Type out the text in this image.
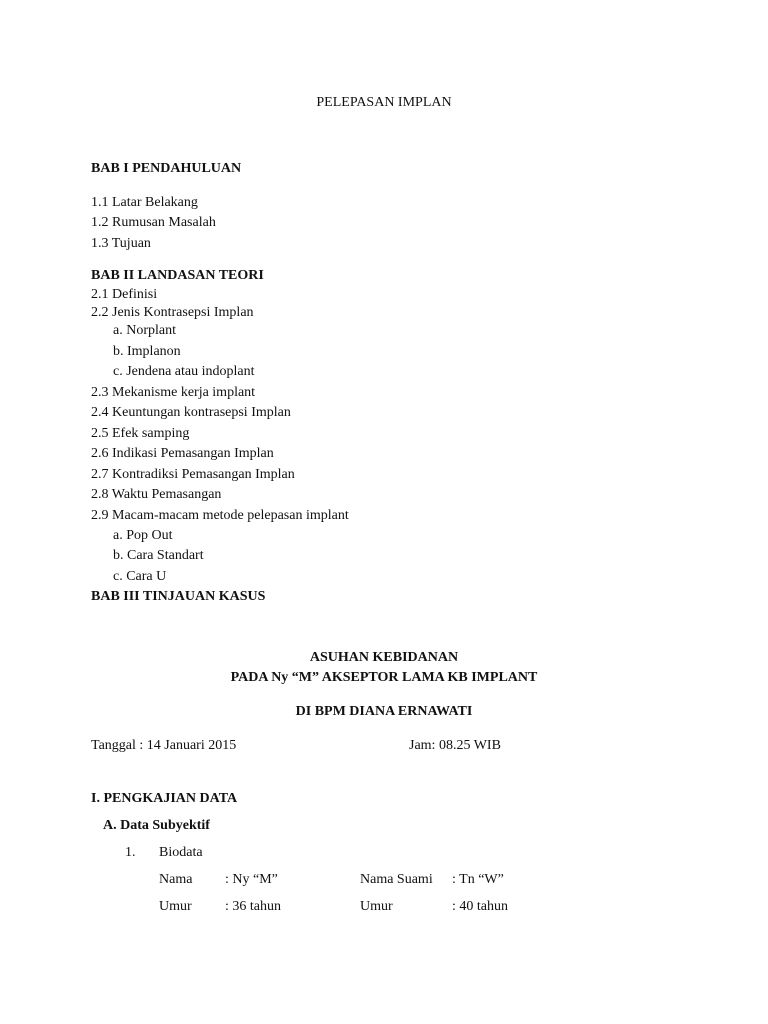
PELEPASAN IMPLAN
BAB I PENDAHULUAN
1.1 Latar Belakang
1.2 Rumusan Masalah
1.3 Tujuan
BAB II LANDASAN TEORI
2.1 Definisi
2.2 Jenis Kontrasepsi Implan
a. Norplant
b. Implanon
c. Jendena atau indoplant
2.3 Mekanisme kerja implant
2.4 Keuntungan kontrasepsi Implan
2.5 Efek samping
2.6 Indikasi Pemasangan Implan
2.7 Kontradiksi Pemasangan Implan
2.8 Waktu Pemasangan
2.9 Macam-macam metode pelepasan implant
a. Pop Out
b. Cara Standart
c. Cara U
BAB III TINJAUAN KASUS
ASUHAN KEBIDANAN
PADA Ny “M” AKSEPTOR LAMA KB IMPLANT
DI BPM DIANA ERNAWATI
Tanggal : 14 Januari 2015	Jam: 08.25 WIB
I. PENGKAJIAN DATA
A. Data Subyektif
1. Biodata
Nama : Ny “M”	Nama Suami : Tn “W”
Umur : 36 tahun	Umur	: 40 tahun
